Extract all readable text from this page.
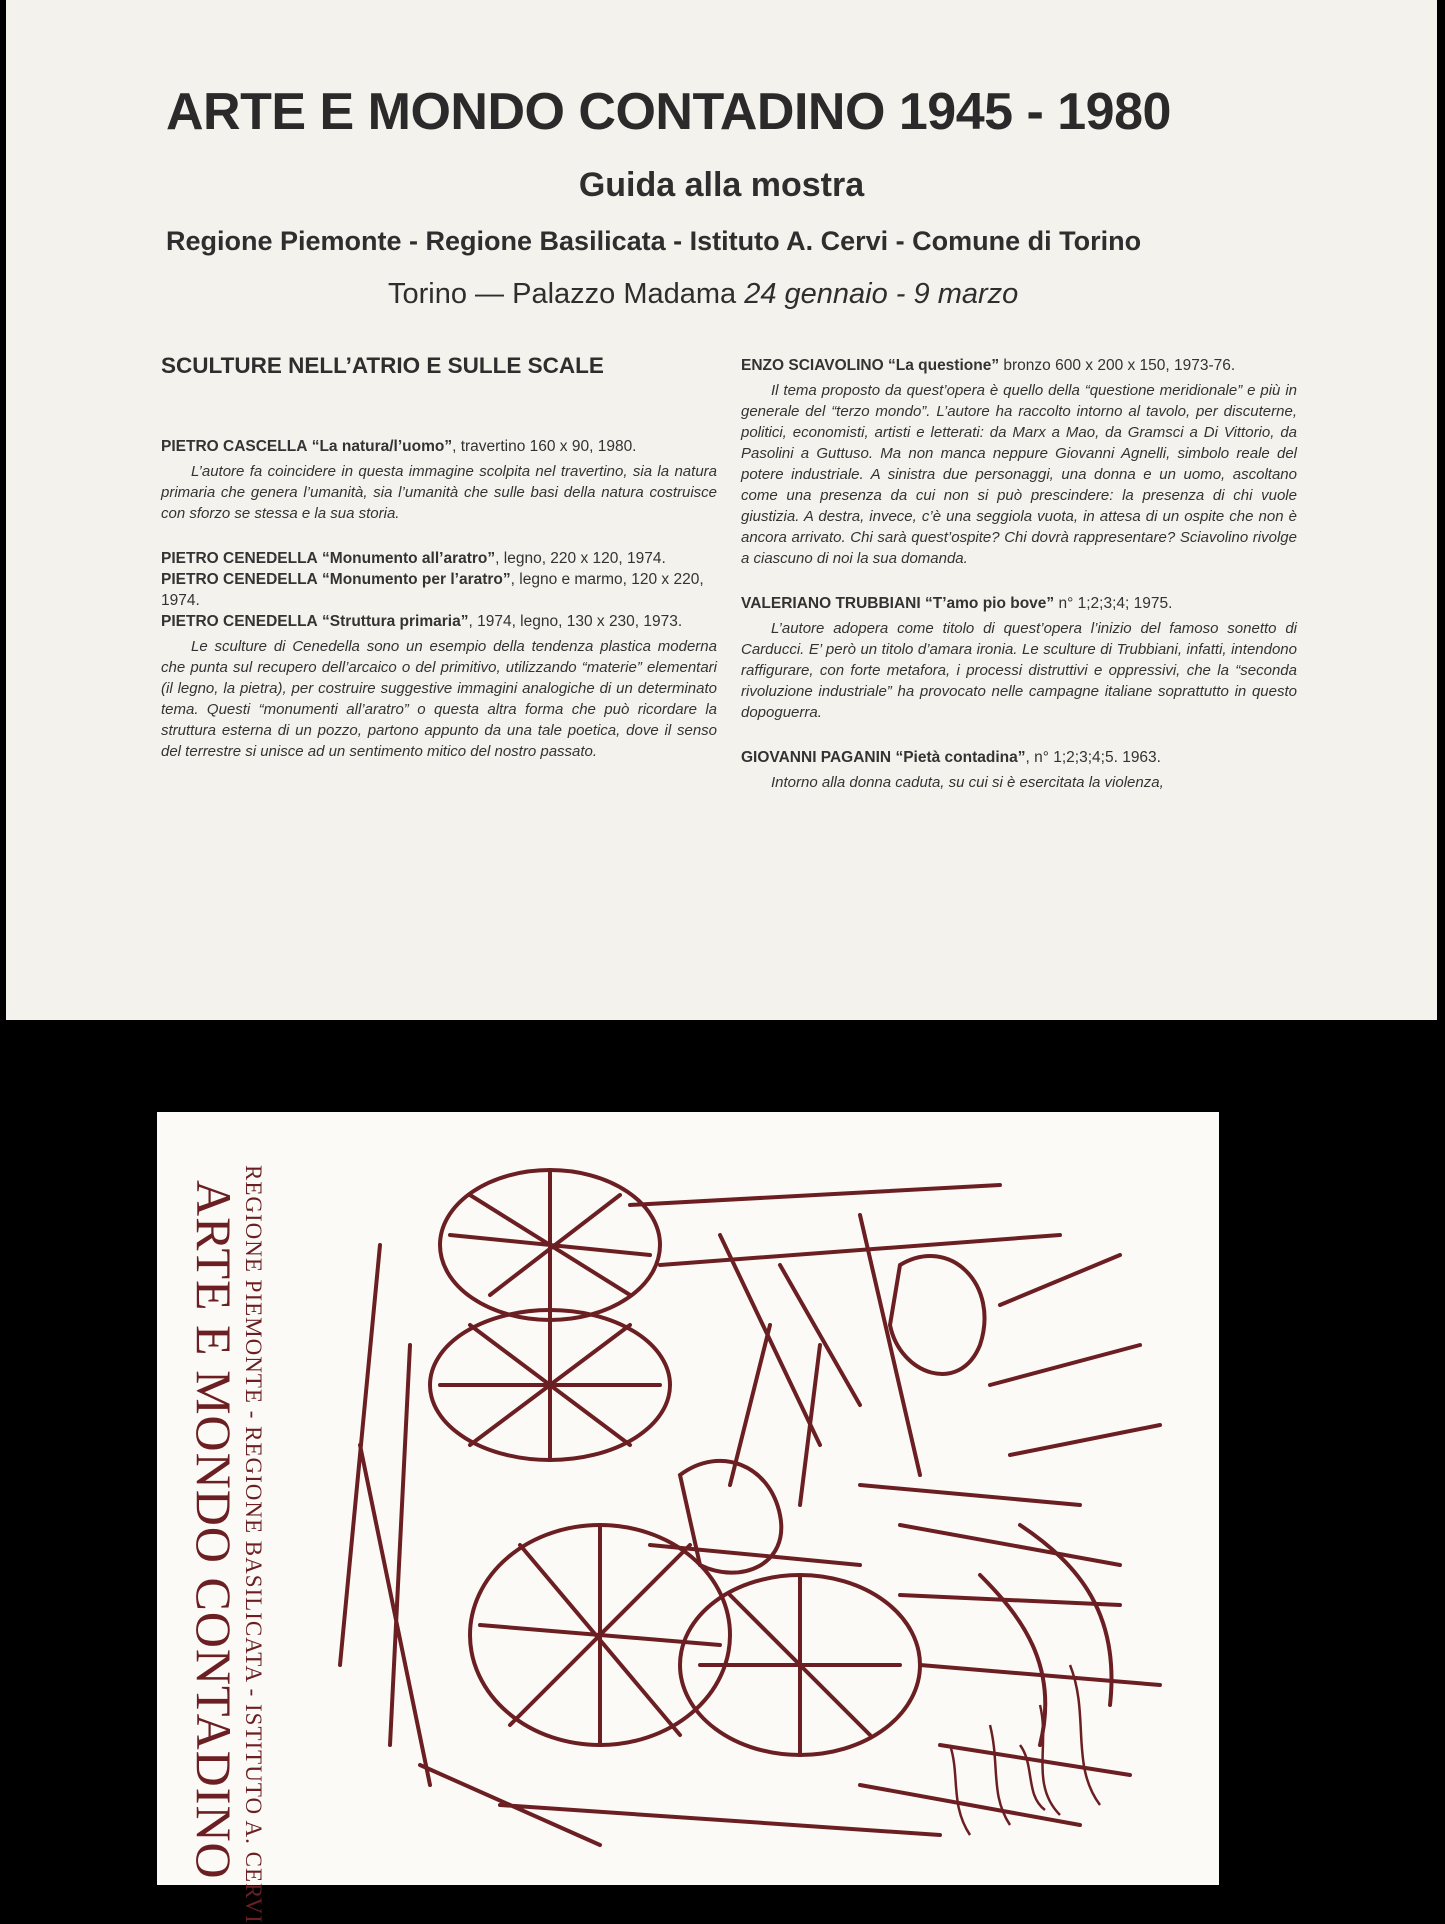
ARTE E MONDO CONTADINO 1945 - 1980
Guida alla mostra
Regione Piemonte - Regione Basilicata - Istituto A. Cervi - Comune di Torino
Torino — Palazzo Madama 24 gennaio - 9 marzo
SCULTURE NELL’ATRIO E SULLE SCALE

PIETRO CASCELLA “La natura/l’uomo”, travertino 160 x 90, 1980.

L’autore fa coincidere in questa immagine scolpita nel travertino, sia la natura primaria che genera l’umanità, sia l’umanità che sulle basi della natura costruisce con sforzo se stessa e la sua storia.

PIETRO CENEDELLA “Monumento all’aratro”, legno, 220 x 120, 1974.

PIETRO CENEDELLA “Monumento per l’aratro”, legno e marmo, 120 x 220, 1974.

PIETRO CENEDELLA “Struttura primaria”, 1974, legno, 130 x 230, 1973.

Le sculture di Cenedella sono un esempio della tendenza plastica moderna che punta sul recupero dell’arcaico o del primitivo, utilizzando “materie” elementari (il legno, la pietra), per costruire suggestive immagini analogiche di un determinato tema. Questi “monumenti all’aratro” o questa altra forma che può ricordare la struttura esterna di un pozzo, partono appunto da una tale poetica, dove il senso del terrestre si unisce ad un sentimento mitico del nostro passato.

ENZO SCIAVOLINO “La questione” bronzo 600 x 200 x 150, 1973-76.

Il tema proposto da quest’opera è quello della “questione meridionale” e più in generale del “terzo mondo”. L’autore ha raccolto intorno al tavolo, per discuterne, politici, economisti, artisti e letterati: da Marx a Mao, da Gramsci a Di Vittorio, da Pasolini a Guttuso. Ma non manca neppure Giovanni Agnelli, simbolo reale del potere industriale. A sinistra due personaggi, una donna e un uomo, ascoltano come una presenza da cui non si può prescindere: la presenza di chi vuole giustizia. A destra, invece, c’è una seggiola vuota, in attesa di un ospite che non è ancora arrivato. Chi sarà quest’ospite? Chi dovrà rappresentare? Sciavolino rivolge a ciascuno di noi la sua domanda.

VALERIANO TRUBBIANI “T’amo pio bove” n° 1;2;3;4; 1975.

L’autore adopera come titolo di quest’opera l’inizio del famoso sonetto di Carducci. E’ però un titolo d’amara ironia. Le sculture di Trubbiani, infatti, intendono raffigurare, con forte metafora, i processi distruttivi e oppressivi, che la “seconda rivoluzione industriale” ha provocato nelle campagne italiane soprattutto in questo dopoguerra.

GIOVANNI PAGANIN “Pietà contadina”, n° 1;2;3;4;5. 1963.

Intorno alla donna caduta, su cui si è esercitata la violenza,

ARTE E MONDO CONTADINO REGIONE PIEMONTE - REGIONE BASILICATA - ISTITUTO A. CERVI
